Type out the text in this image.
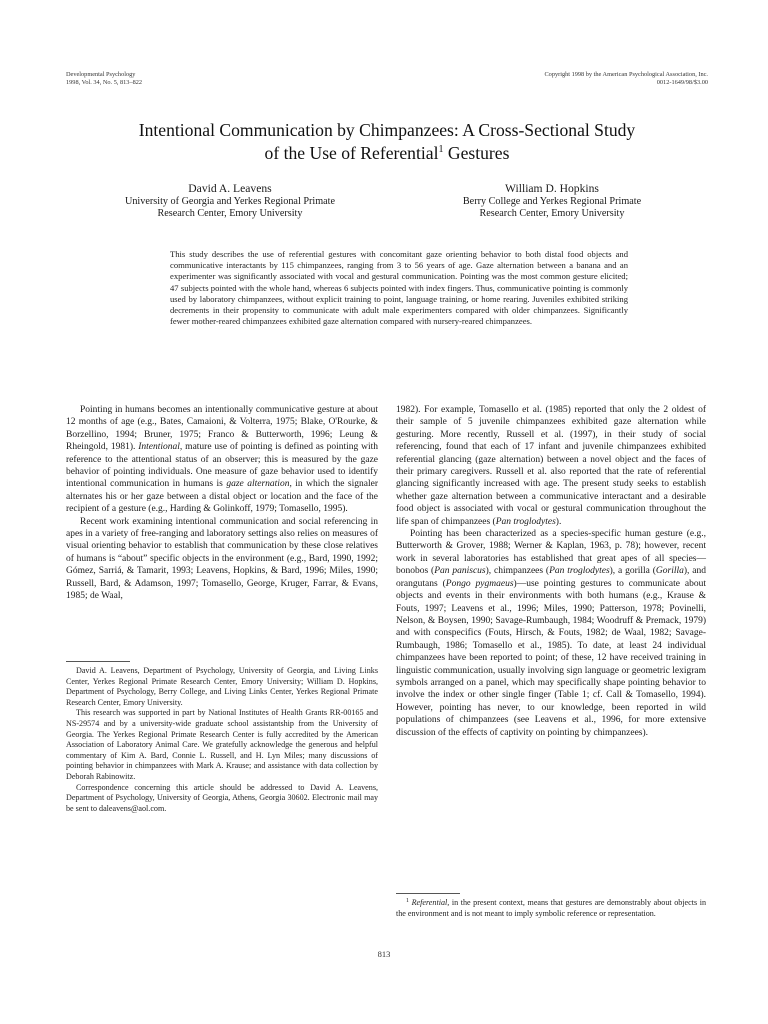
Developmental Psychology
1998, Vol. 34, No. 5, 813–822
Copyright 1998 by the American Psychological Association, Inc.
0012-1649/98/$3.00
Intentional Communication by Chimpanzees: A Cross-Sectional Study
of the Use of Referential$^1$ Gestures
David A. Leavens
University of Georgia and Yerkes Regional Primate
Research Center, Emory University
William D. Hopkins
Berry College and Yerkes Regional Primate
Research Center, Emory University
This study describes the use of referential gestures with concomitant gaze orienting behavior to both distal food objects and communicative interactants by 115 chimpanzees, ranging from 3 to 56 years of age. Gaze alternation between a banana and an experimenter was significantly associated with vocal and gestural communication. Pointing was the most common gesture elicited; 47 subjects pointed with the whole hand, whereas 6 subjects pointed with index fingers. Thus, communicative pointing is commonly used by laboratory chimpanzees, without explicit training to point, language training, or home rearing. Juveniles exhibited striking decrements in their propensity to communicate with adult male experimenters compared with older chimpanzees. Significantly fewer mother-reared chimpanzees exhibited gaze alternation compared with nursery-reared chimpanzees.

Pointing in humans becomes an intentionally communicative gesture at about 12 months of age (e.g., Bates, Camaioni, & Volterra, 1975; Blake, O'Rourke, & Borzellino, 1994; Bruner, 1975; Franco & Butterworth, 1996; Leung & Rheingold, 1981). Intentional, mature use of pointing is defined as pointing with reference to the attentional status of an observer; this is measured by the gaze behavior of pointing individuals. One measure of gaze behavior used to identify intentional communication in humans is gaze alternation, in which the signaler alternates his or her gaze between a distal object or location and the face of the recipient of a gesture (e.g., Harding & Golinkoff, 1979; Tomasello, 1995).

Recent work examining intentional communication and social referencing in apes in a variety of free-ranging and laboratory settings also relies on measures of visual orienting behavior to establish that communication by these close relatives of humans is “about” specific objects in the environment (e.g., Bard, 1990, 1992; Gómez, Sarriá, & Tamarit, 1993; Leavens, Hopkins, & Bard, 1996; Miles, 1990; Russell, Bard, & Adamson, 1997; Tomasello, George, Kruger, Farrar, & Evans, 1985; de Waal,

1982). For example, Tomasello et al. (1985) reported that only the 2 oldest of their sample of 5 juvenile chimpanzees exhibited gaze alternation while gesturing. More recently, Russell et al. (1997), in their study of social referencing, found that each of 17 infant and juvenile chimpanzees exhibited referential glancing (gaze alternation) between a novel object and the faces of their primary caregivers. Russell et al. also reported that the rate of referential glancing significantly increased with age. The present study seeks to establish whether gaze alternation between a communicative interactant and a desirable food object is associated with vocal or gestural communication throughout the life span of chimpanzees (Pan troglodytes).

Pointing has been characterized as a species-specific human gesture (e.g., Butterworth & Grover, 1988; Werner & Kaplan, 1963, p. 78); however, recent work in several laboratories has established that great apes of all species—bonobos (Pan paniscus), chimpanzees (Pan troglodytes), a gorilla (Gorilla), and orangutans (Pongo pygmaeus)—use pointing gestures to communicate about objects and events in their environments with both humans (e.g., Krause & Fouts, 1997; Leavens et al., 1996; Miles, 1990; Patterson, 1978; Povinelli, Nelson, & Boysen, 1990; Savage-Rumbaugh, 1984; Woodruff & Premack, 1979) and with conspecifics (Fouts, Hirsch, & Fouts, 1982; de Waal, 1982; Savage-Rumbaugh, 1986; Tomasello et al., 1985). To date, at least 24 individual chimpanzees have been reported to point; of these, 12 have received training in linguistic communication, usually involving sign language or geometric lexigram symbols arranged on a panel, which may specifically shape pointing behavior to involve the index or other single finger (Table 1; cf. Call & Tomasello, 1994). However, pointing has never, to our knowledge, been reported in wild populations of chimpanzees (see Leavens et al., 1996, for more extensive discussion of the effects of captivity on pointing by chimpanzees).

David A. Leavens, Department of Psychology, University of Georgia, and Living Links Center, Yerkes Regional Primate Research Center, Emory University; William D. Hopkins, Department of Psychology, Berry College, and Living Links Center, Yerkes Regional Primate Research Center, Emory University.

This research was supported in part by National Institutes of Health Grants RR-00165 and NS-29574 and by a university-wide graduate school assistantship from the University of Georgia. The Yerkes Regional Primate Research Center is fully accredited by the American Association of Laboratory Animal Care. We gratefully acknowledge the generous and helpful commentary of Kim A. Bard, Connie L. Russell, and H. Lyn Miles; many discussions of pointing behavior in chimpanzees with Mark A. Krause; and assistance with data collection by Deborah Rabinowitz.

Correspondence concerning this article should be addressed to David A. Leavens, Department of Psychology, University of Georgia, Athens, Georgia 30602. Electronic mail may be sent to daleavens@aol.com.

$^1$ Referential, in the present context, means that gestures are demonstrably about objects in the environment and is not meant to imply symbolic reference or representation.
813
